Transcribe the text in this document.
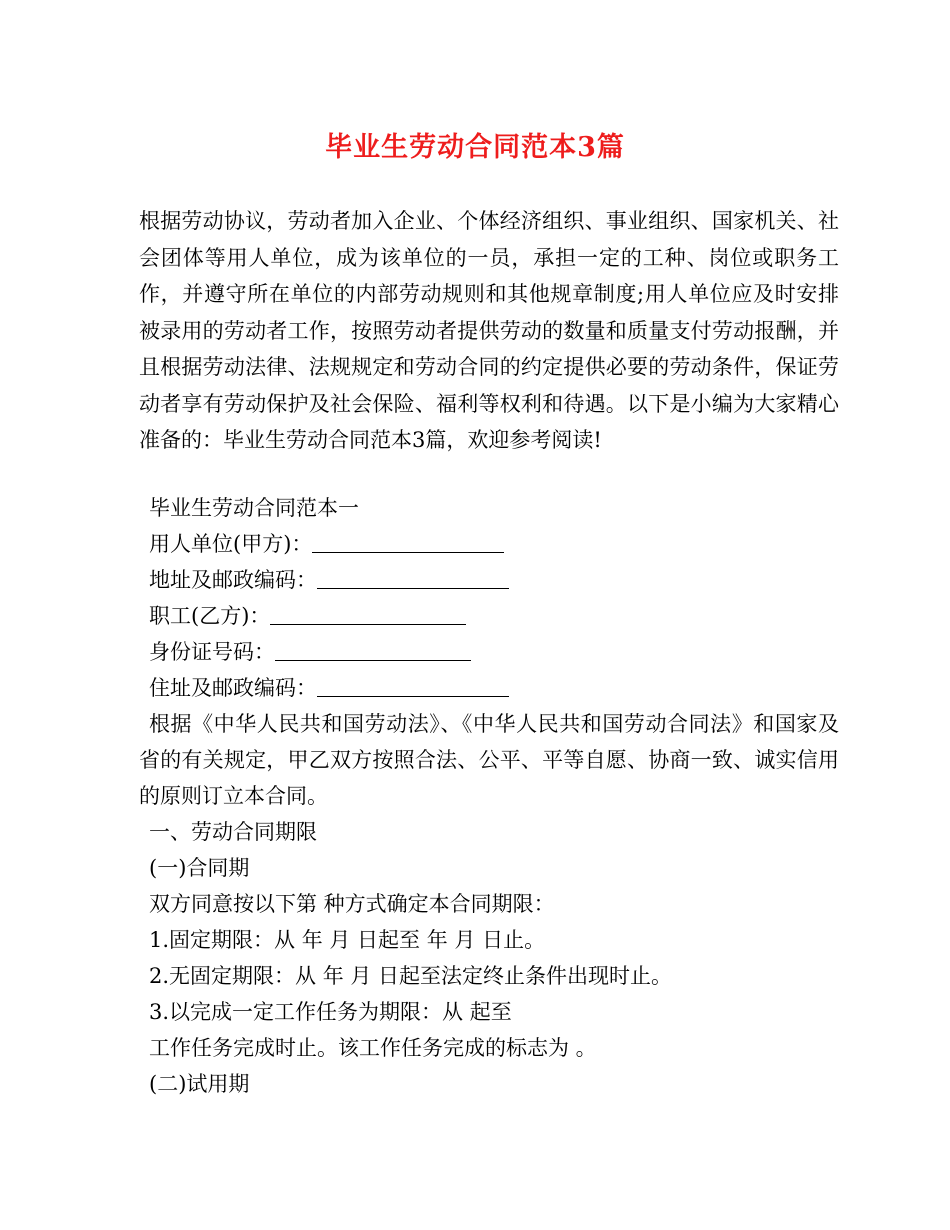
毕业生劳动合同范本3篇

根据劳动协议，劳动者加入企业、个体经济组织、事业组织、国家机关、社会团体等用人单位，成为该单位的一员，承担一定的工种、岗位或职务工作，并遵守所在单位的内部劳动规则和其他规章制度;用人单位应及时安排被录用的劳动者工作，按照劳动者提供劳动的数量和质量支付劳动报酬，并且根据劳动法律、法规规定和劳动合同的约定提供必要的劳动条件，保证劳动者享有劳动保护及社会保险、福利等权利和待遇。以下是小编为大家精心准备的：毕业生劳动合同范本3篇，欢迎参考阅读!

毕业生劳动合同范本一

用人单位(甲方)：

地址及邮政编码：

职工(乙方)：

身份证号码：

住址及邮政编码：

根据《中华人民共和国劳动法》、《中华人民共和国劳动合同法》和国家及省的有关规定，甲乙双方按照合法、公平、平等自愿、协商一致、诚实信用的原则订立本合同。

一、劳动合同期限

(一)合同期

双方同意按以下第 种方式确定本合同期限：

1.固定期限：从 年 月 日起至 年 月 日止。

2.无固定期限：从 年 月 日起至法定终止条件出现时止。

3.以完成一定工作任务为期限：从 起至

工作任务完成时止。该工作任务完成的标志为 。

(二)试用期
